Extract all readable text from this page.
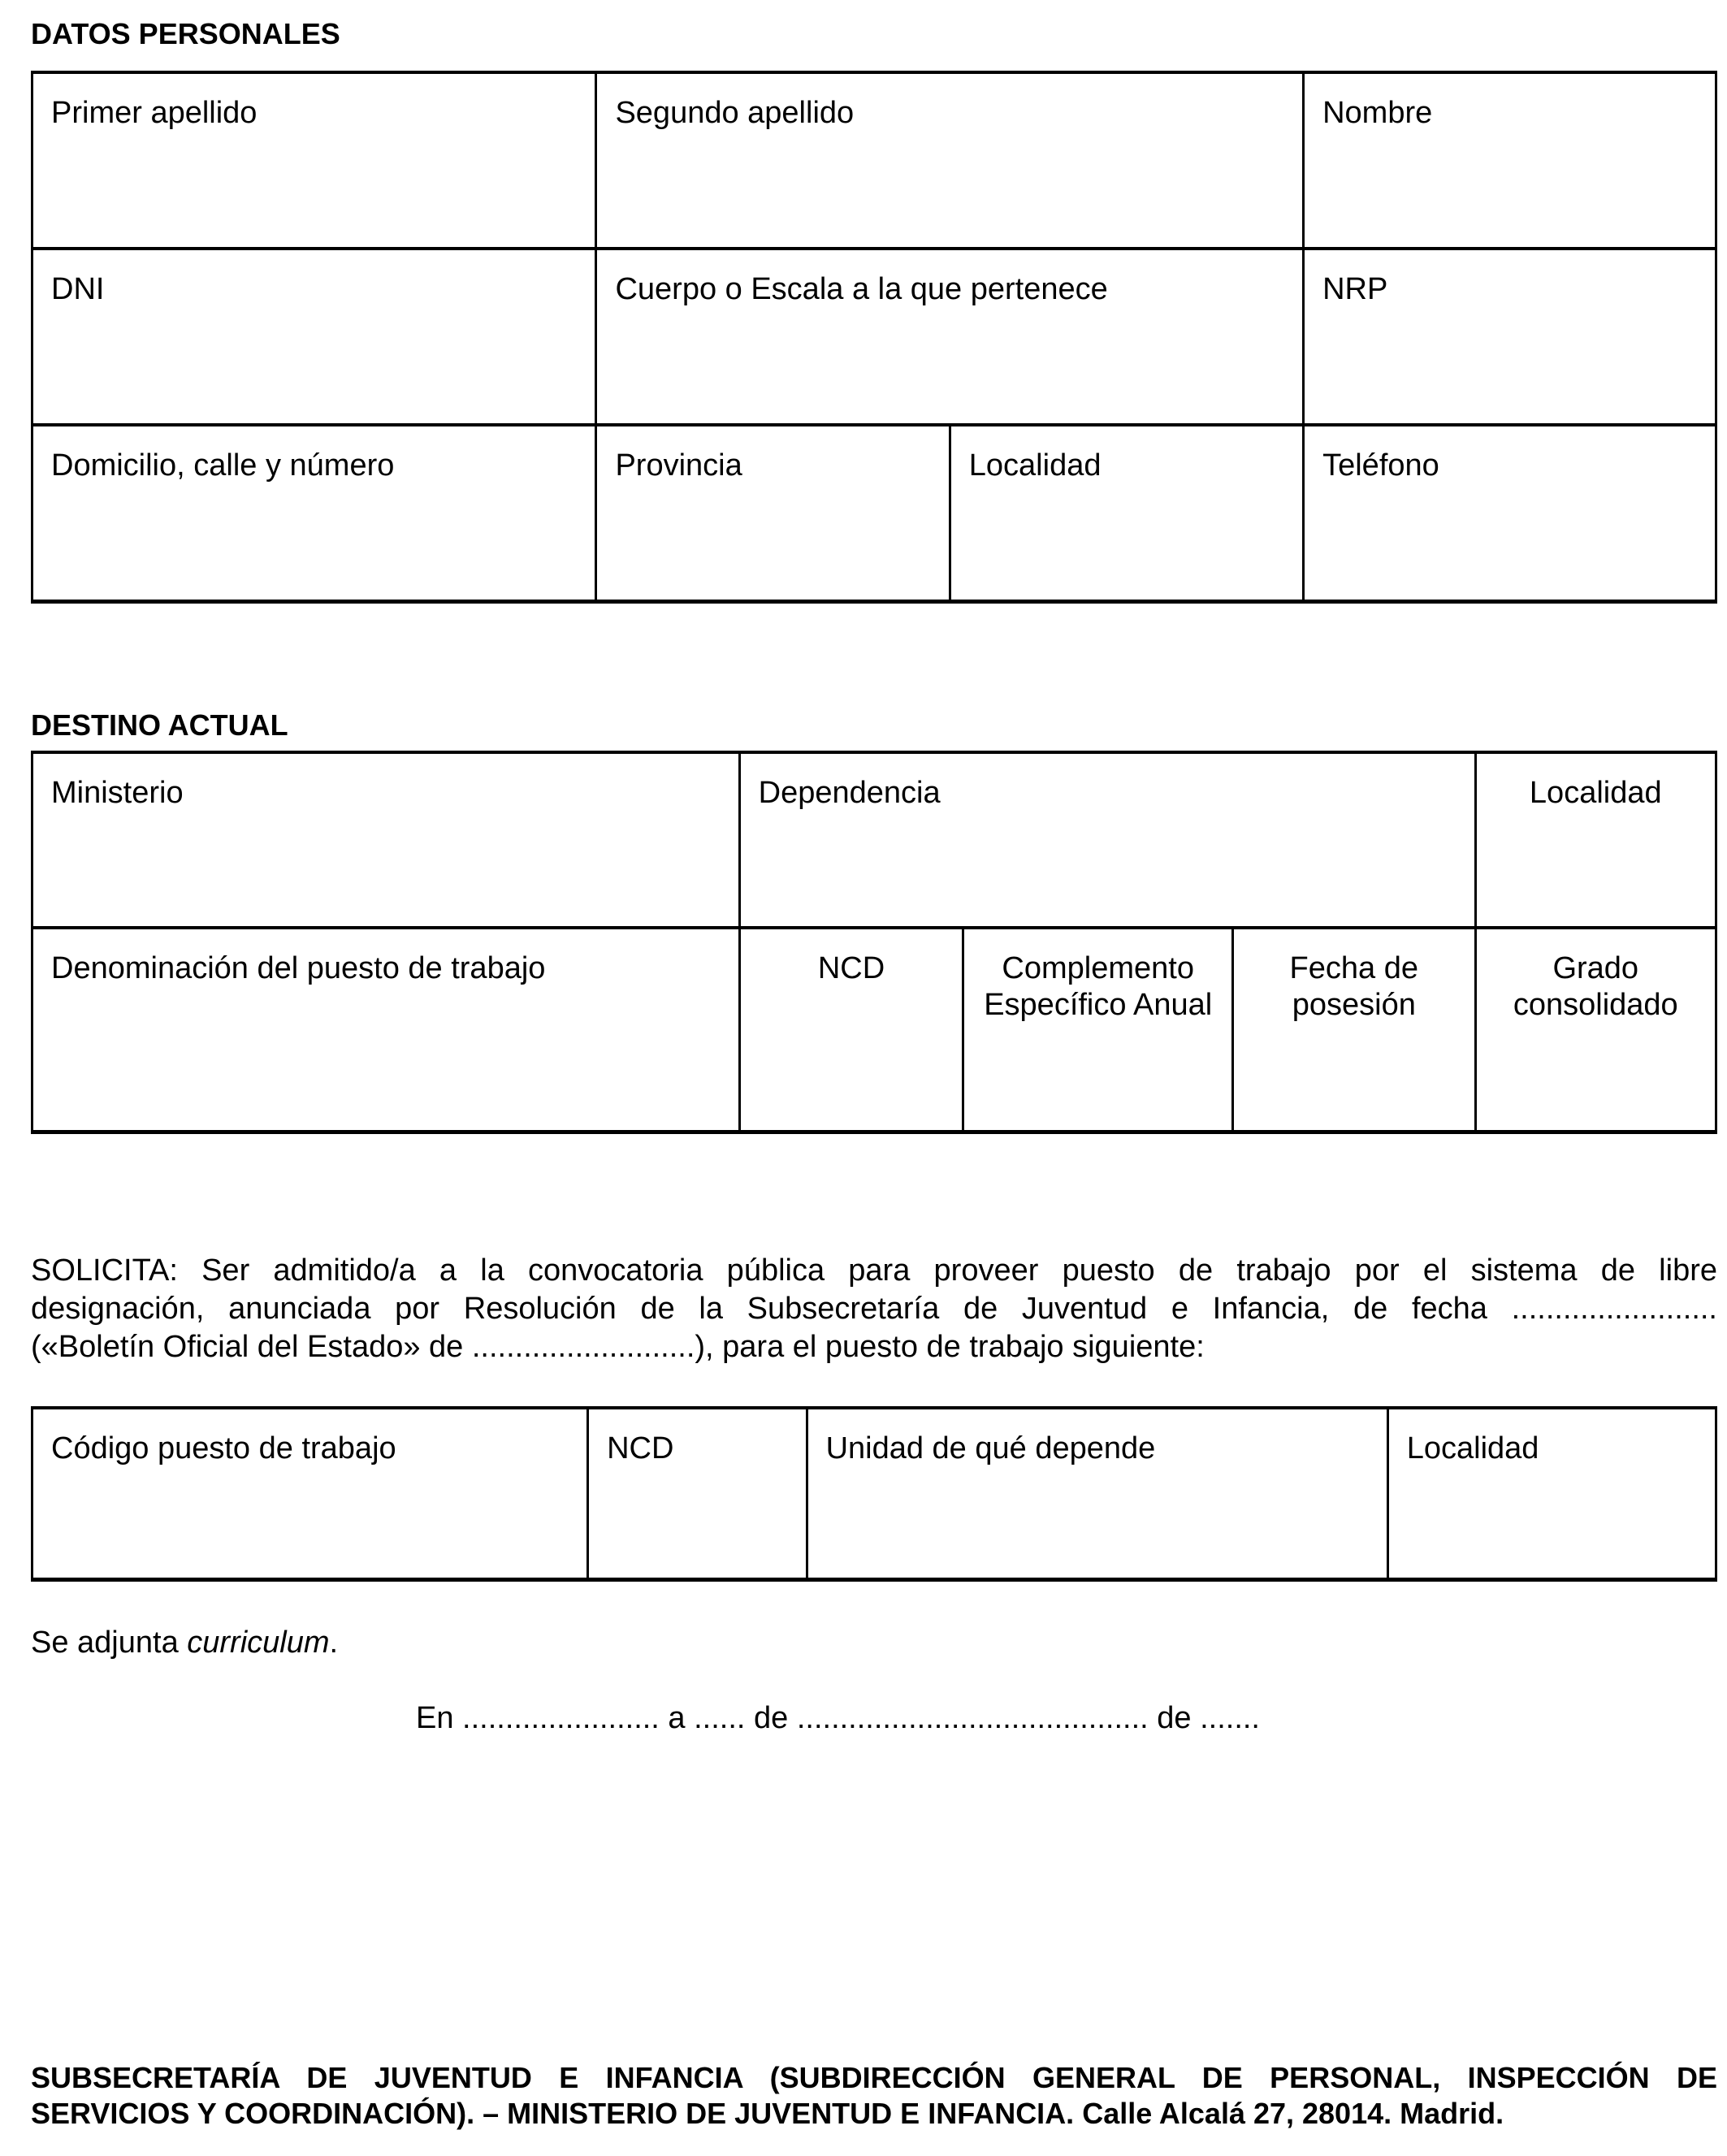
DATOS PERSONALES
Primer apellido	Segundo apellido		Nombre
DNI	Cuerpo o Escala a la que pertenece		NRP
Domicilio, calle y número	Provincia	Localidad	Teléfono
DESTINO ACTUAL
Ministerio	Dependencia			Localidad
Denominación del puesto de trabajo	NCD	Complemento Específico Anual	Fecha de posesión	Grado consolidado
SOLICITA: Ser admitido/a a la convocatoria pública para proveer puesto de trabajo por el sistema de libre
designación, anunciada por Resolución de la Subsecretaría de Juventud e Infancia, de fecha ........................
(«Boletín Oficial del Estado» de ..........................), para el puesto de trabajo siguiente:
Código puesto de trabajo	NCD	Unidad de qué depende	Localidad
Se adjunta curriculum.
En ....................... a ...... de ......................................... de .......
SUBSECRETARÍA DE JUVENTUD E INFANCIA (SUBDIRECCIÓN GENERAL DE PERSONAL, INSPECCIÓN DE
SERVICIOS Y COORDINACIÓN). – MINISTERIO DE JUVENTUD E INFANCIA. Calle Alcalá 27, 28014. Madrid.
